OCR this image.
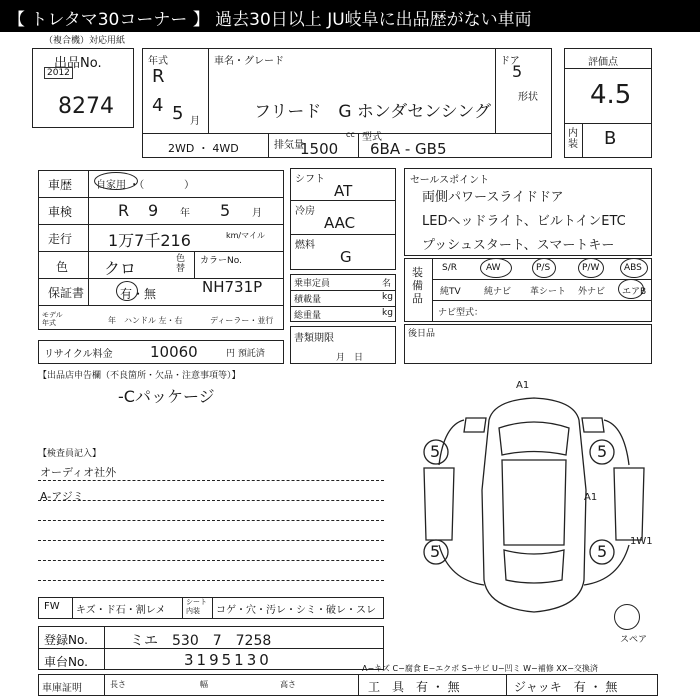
【 トレタマ30コーナー 】 過去30日以上 JU岐阜に出品歴がない車両
（複合機）対応用紙
出品No.
2012
8274
年式
R
4 5 月
車名・グレード
フリード　G ホンダセンシング
ドア
5
形状
2WD ・ 4WD	排気量
1500
cc 型式
6BA - GB5
評価点
4.5
内装 B
車歴 自家用 ・（　　　　）
車検	R 9 年 5 月
走行 1万7千216	km/マイル
色 クロ	色替
カラーNo.
NH731P
保証書	有・無
モデル年式	年 ハンドル 左・右	ディーラー・並行
リサイクル料金 10060	円 預託済
シフト
AT
冷房
AAC
燃料
G
乗車定員	名
積載量	kg
総重量	kg
書類期限
月　日
セールスポイント
両側パワースライドドア
LEDヘッドライト、ビルトインETC
プッシュスタート、スマートキー
装備品
S/R	AW	P/S	P/W	ABS
純TV	純ナビ 革シート 外ナビ エアB
ナビ型式：
後日品
【出品店申告欄（不良箇所・欠品・注意事項等）】
-Cパッケージ
【検査員記入】
オーディオ社外
A-アジミ
5	5
5	5
A1
A1
1W1
スペア
FW キズ・ド石・割レメ
シート内装	コゲ・穴・汚レ・シミ・破レ・スレ
登録No.	ミエ　530　7　7258
車台No.	3195130	A−キズ C−腐食 E−エクボ S−サビ U−凹ミ W−補修 XX−交換済
車庫証明	長さ	幅	高さ	工　具　有 ・ 無	ジャッキ　有 ・ 無
